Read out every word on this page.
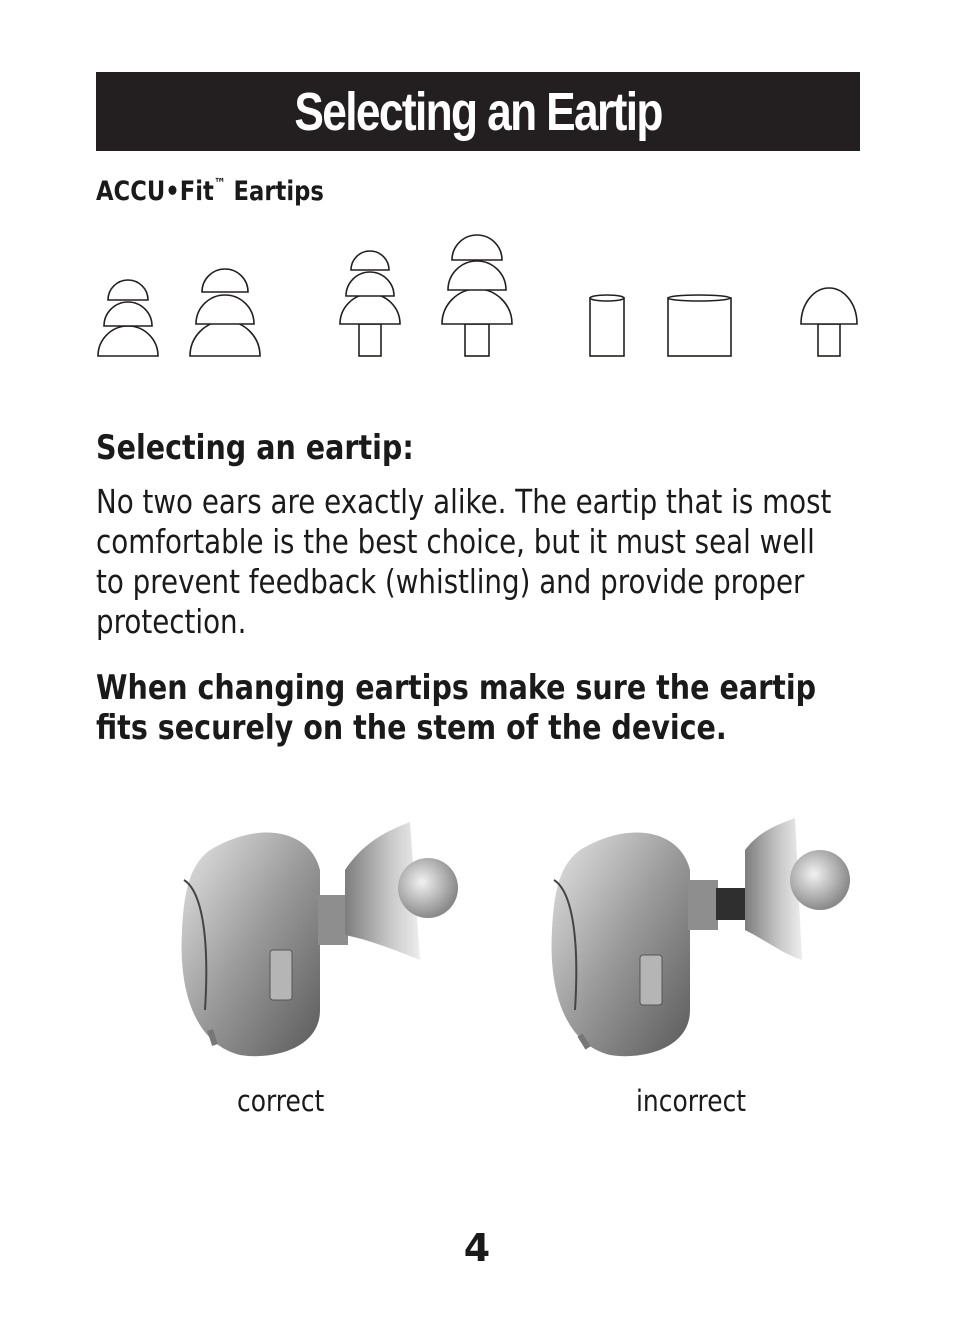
Selecting an Eartip
ACCU•Fit™ Eartips
Selecting an eartip:
No two ears are exactly alike. The eartip that is most comfortable is the best choice, but it must seal well to prevent feedback (whistling) and provide proper protection.
When changing eartips make sure the eartip fits securely on the stem of the device.
correct	incorrect
4
